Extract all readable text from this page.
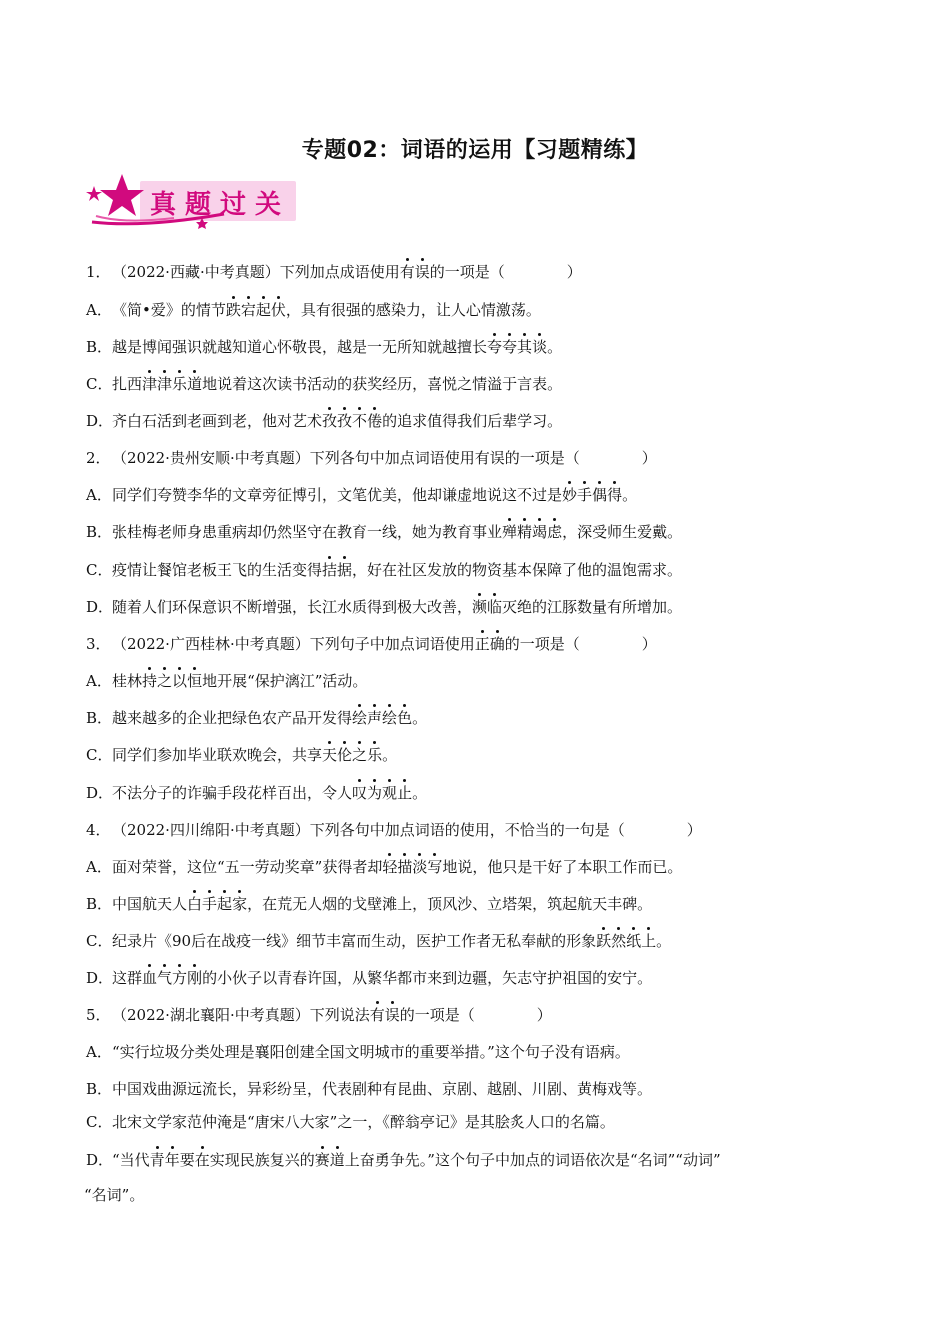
专题02：词语的运用【习题精练】
真题过关
1．（2022·西藏·中考真题）下列加点成语使用有误的一项是（	）
A．《简•爱》的情节跌宕起伏，具有很强的感染力，让人心情激荡。
B．越是博闻强识就越知道心怀敬畏，越是一无所知就越擅长夸夸其谈。
C．扎西津津乐道地说着这次读书活动的获奖经历，喜悦之情溢于言表。
D．齐白石活到老画到老，他对艺术孜孜不倦的追求值得我们后辈学习。
2．（2022·贵州安顺·中考真题）下列各句中加点词语使用有误的一项是（	）
A．同学们夸赞李华的文章旁征博引，文笔优美，他却谦虚地说这不过是妙手偶得。
B．张桂梅老师身患重病却仍然坚守在教育一线，她为教育事业殚精竭虑，深受师生爱戴。
C．疫情让餐馆老板王飞的生活变得拮据，好在社区发放的物资基本保障了他的温饱需求。
D．随着人们环保意识不断增强，长江水质得到极大改善，濒临灭绝的江豚数量有所增加。
3．（2022·广西桂林·中考真题）下列句子中加点词语使用正确的一项是（	）
A．桂林持之以恒地开展“保护漓江”活动。
B．越来越多的企业把绿色农产品开发得绘声绘色。
C．同学们参加毕业联欢晚会，共享天伦之乐。
D．不法分子的诈骗手段花样百出，令人叹为观止。
4．（2022·四川绵阳·中考真题）下列各句中加点词语的使用，不恰当的一句是（	）
A．面对荣誉，这位“五一劳动奖章”获得者却轻描淡写地说，他只是干好了本职工作而已。
B．中国航天人白手起家，在荒无人烟的戈壁滩上，顶风沙、立塔架，筑起航天丰碑。
C．纪录片《90后在战疫一线》细节丰富而生动，医护工作者无私奉献的形象跃然纸上。
D．这群血气方刚的小伙子以青春许国，从繁华都市来到边疆，矢志守护祖国的安宁。
5．（2022·湖北襄阳·中考真题）下列说法有误的一项是（	）
A．“实行垃圾分类处理是襄阳创建全国文明城市的重要举措。”这个句子没有语病。
B．中国戏曲源远流长，异彩纷呈，代表剧种有昆曲、京剧、越剧、川剧、黄梅戏等。
C．北宋文学家范仲淹是“唐宋八大家”之一，《醉翁亭记》是其脍炙人口的名篇。
D．“当代青年要在实现民族复兴的赛道上奋勇争先。”这个句子中加点的词语依次是“名词”“动词”
“名词”。
